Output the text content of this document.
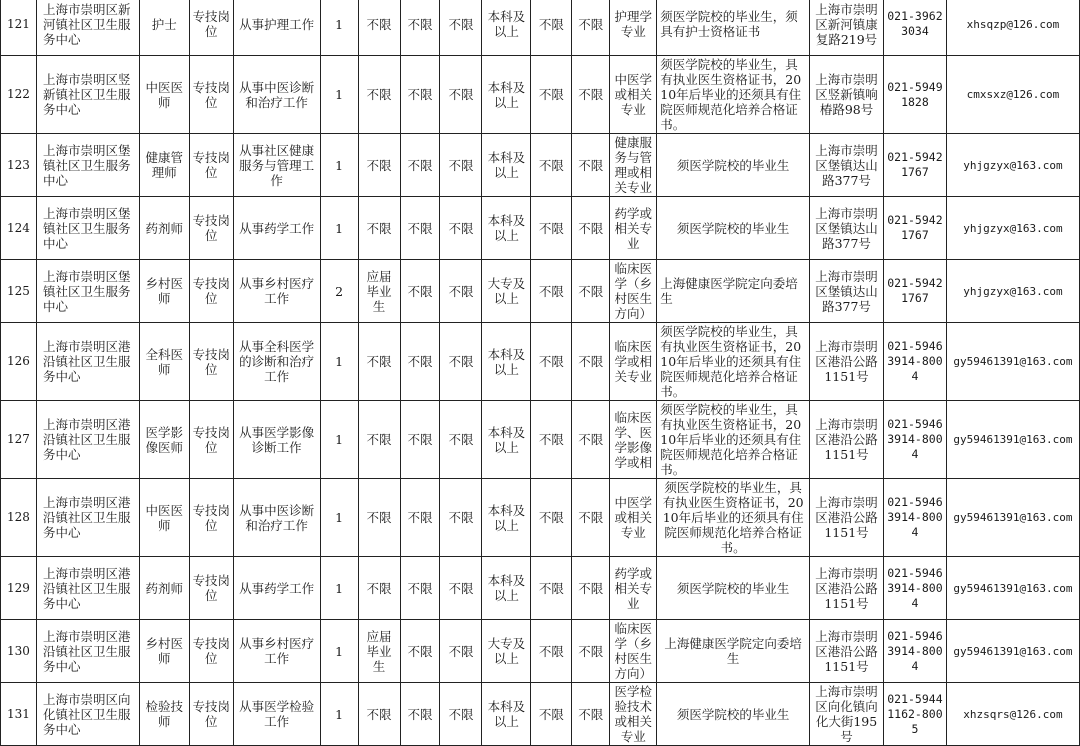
121	上海市崇明区新河镇社区卫生服务中心	护士	专技岗位	从事护理工作	1	不限	不限	不限	本科及以上	不限	不限	护理学专业	须医学院校的毕业生，须具有护士资格证书	上海市崇明区新河镇康复路219号	021-39623034	xhsqzp@126.com
122	上海市崇明区竖新镇社区卫生服务中心	中医医师	专技岗位	从事中医诊断和治疗工作	1	不限	不限	不限	本科及以上	不限	不限	中医学或相关专业	须医学院校的毕业生，具有执业医生资格证书，2010年后毕业的还须具有住院医师规范化培养合格证书。	上海市崇明区竖新镇响椿路98号	021-59491828	cmxsxz@126.com
123	上海市崇明区堡镇社区卫生服务中心	健康管理师	专技岗位	从事社区健康服务与管理工作	1	不限	不限	不限	本科及以上	不限	不限	健康服务与管理或相关专业	须医学院校的毕业生	上海市崇明区堡镇达山路377号	021-59421767	yhjgzyx@163.com
124	上海市崇明区堡镇社区卫生服务中心	药剂师	专技岗位	从事药学工作	1	不限	不限	不限	本科及以上	不限	不限	药学或相关专业	须医学院校的毕业生	上海市崇明区堡镇达山路377号	021-59421767	yhjgzyx@163.com
125	上海市崇明区堡镇社区卫生服务中心	乡村医师	专技岗位	从事乡村医疗工作	2	应届毕业生	不限	不限	大专及以上	不限	不限	临床医学（乡村医生方向）	上海健康医学院定向委培生	上海市崇明区堡镇达山路377号	021-59421767	yhjgzyx@163.com
126	上海市崇明区港沿镇社区卫生服务中心	全科医师	专技岗位	从事全科医学的诊断和治疗工作	1	不限	不限	不限	本科及以上	不限	不限	临床医学或相关专业	须医学院校的毕业生，具有执业医生资格证书，2010年后毕业的还须具有住院医师规范化培养合格证书。	上海市崇明区港沿公路1151号	021-59463914-8004	gy59461391@163.com
127	上海市崇明区港沿镇社区卫生服务中心	医学影像医师	专技岗位	从事医学影像诊断工作	1	不限	不限	不限	本科及以上	不限	不限	临床医学、医学影像学或相	须医学院校的毕业生，具有执业医生资格证书，2010年后毕业的还须具有住院医师规范化培养合格证书。	上海市崇明区港沿公路1151号	021-59463914-8004	gy59461391@163.com
128	上海市崇明区港沿镇社区卫生服务中心	中医医师	专技岗位	从事中医诊断和治疗工作	1	不限	不限	不限	本科及以上	不限	不限	中医学或相关专业	须医学院校的毕业生，具有执业医生资格证书，2010年后毕业的还须具有住院医师规范化培养合格证书。	上海市崇明区港沿公路1151号	021-59463914-8004	gy59461391@163.com
129	上海市崇明区港沿镇社区卫生服务中心	药剂师	专技岗位	从事药学工作	1	不限	不限	不限	本科及以上	不限	不限	药学或相关专业	须医学院校的毕业生	上海市崇明区港沿公路1151号	021-59463914-8004	gy59461391@163.com
130	上海市崇明区港沿镇社区卫生服务中心	乡村医师	专技岗位	从事乡村医疗工作	1	应届毕业生	不限	不限	大专及以上	不限	不限	临床医学（乡村医生方向）	上海健康医学院定向委培生	上海市崇明区港沿公路1151号	021-59463914-8004	gy59461391@163.com
131	上海市崇明区向化镇社区卫生服务中心	检验技师	专技岗位	从事医学检验工作	1	不限	不限	不限	本科及以上	不限	不限	医学检验技术或相关专业	须医学院校的毕业生	上海市崇明区向化镇向化大街195号	021-59441162-8005	xhzsqrs@126.com
